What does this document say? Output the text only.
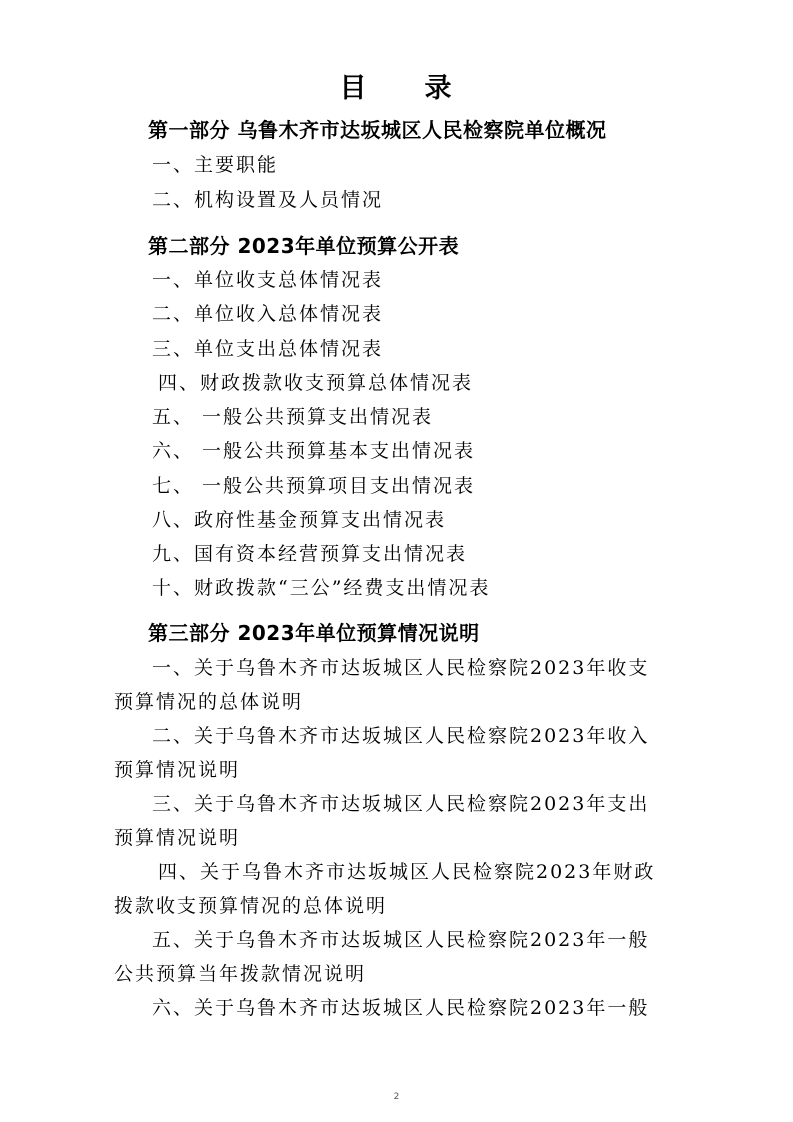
目 录
第一部分 乌鲁木齐市达坂城区人民检察院单位概况
一、主要职能
二、机构设置及人员情况
第二部分 2023年单位预算公开表
一、单位收支总体情况表
二、单位收入总体情况表
三、单位支出总体情况表
四、财政拨款收支预算总体情况表
五、 一般公共预算支出情况表
六、 一般公共预算基本支出情况表
七、 一般公共预算项目支出情况表
八、政府性基金预算支出情况表
九、国有资本经营预算支出情况表
十、财政拨款“三公”经费支出情况表
第三部分 2023年单位预算情况说明
一、关于乌鲁木齐市达坂城区人民检察院2023年收支
预算情况的总体说明
二、关于乌鲁木齐市达坂城区人民检察院2023年收入
预算情况说明
三、关于乌鲁木齐市达坂城区人民检察院2023年支出
预算情况说明
四、关于乌鲁木齐市达坂城区人民检察院2023年财政
拨款收支预算情况的总体说明
五、关于乌鲁木齐市达坂城区人民检察院2023年一般
公共预算当年拨款情况说明
六、关于乌鲁木齐市达坂城区人民检察院2023年一般
2
